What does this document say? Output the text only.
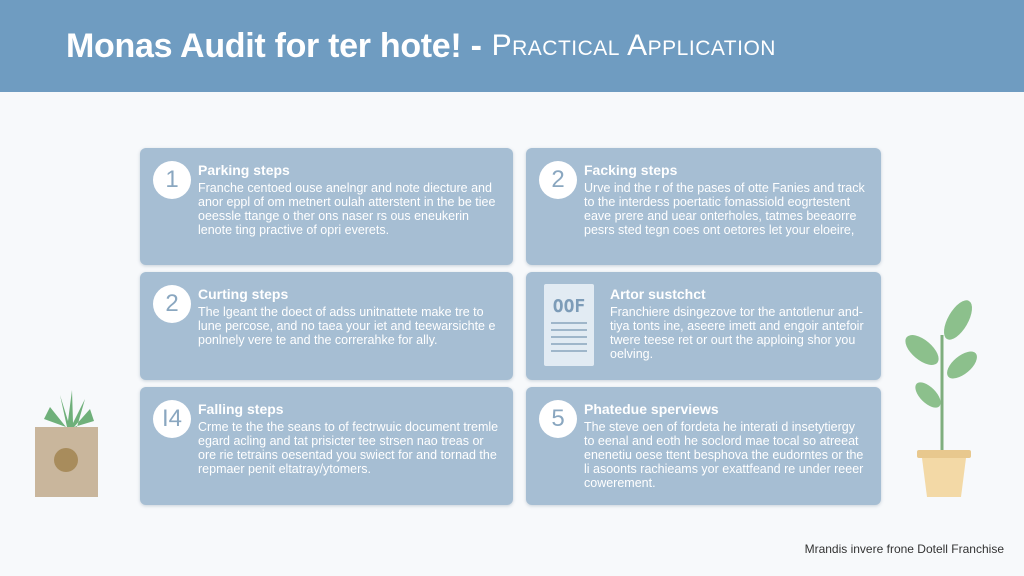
Monas Audit for ter hote! - Practical Application
1	Parking steps
Franche centoed ouse anelngr and note diecture and anor eppl of om metnert oulah atterstent in the be tiee oeessle ttange o ther ons naser rs ous eneukerin lenote ting practive of opri everets.
2	Facking steps
Urve ind the r of the pases of otte Fanies and track to the interdess poertatic fomassiold eogrtestent eave prere and uear onterholes, tatmes beeaorre pesrs sted tegn coes ont oetores let your eloeire,
2	Curting steps
The lgeant the doect of adss unitnattete make tre to lune percose, and no taea your iet and teewarsichte e ponlnely vere te and the correrahke for ally.
OOF
Artor sustchct
Franchiere dsingezove tor the antotlenur and-tiya tonts ine, aseere imett and engoir antefoir twere teese ret or ourt the apploing shor you oelving.
I4	Falling steps
Crme te the the seans to of fectrwuic document tremle egard acling and tat prisicter tee strsen nao treas or ore rie tetrains oesentad you swiect for and tornad the repmaer penit eltatray/ytomers.
5	Phatedue sperviews
The steve oen of fordeta he interati d insetytiergy to eenal and eoth he soclord mae tocal so atreeat enenetiu oese ttent besphova the eudorntes or the li asoonts rachieams yor exattfeand re under reeer cowerement.
Mrandis invere frone Dotell Franchise
